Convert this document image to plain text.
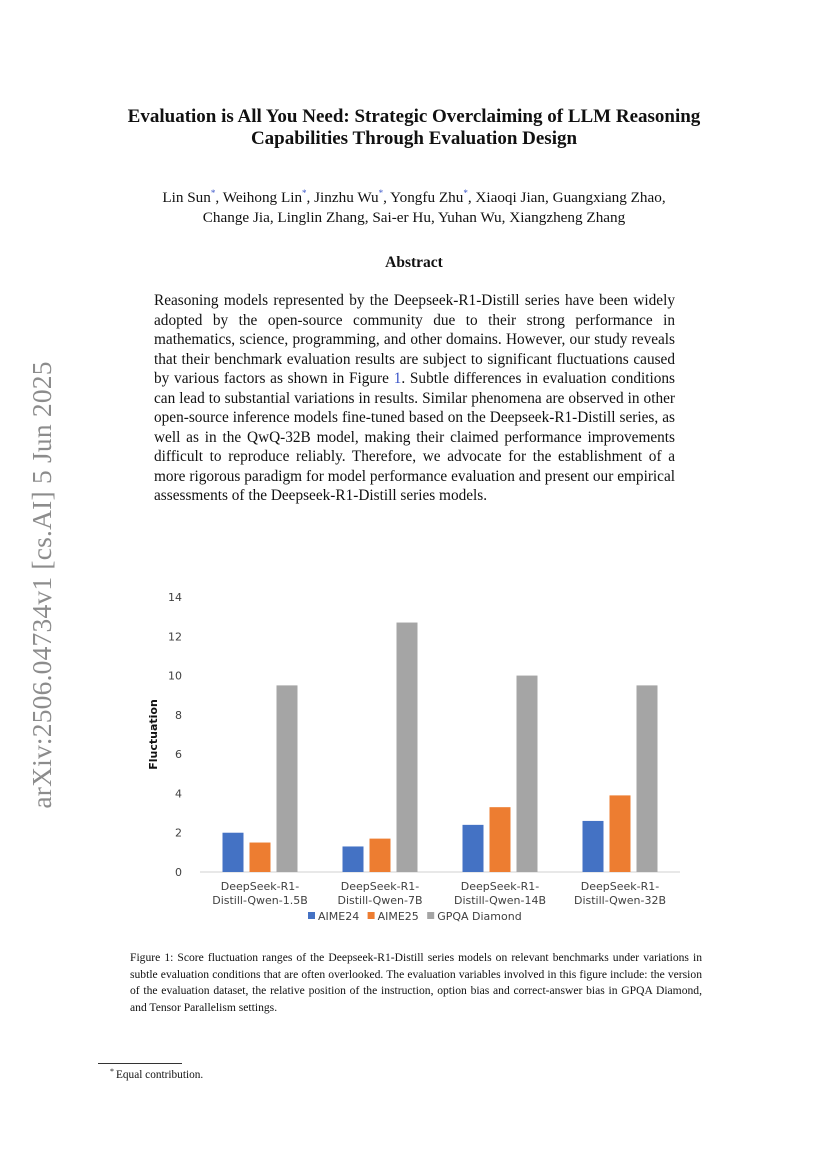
arXiv:2506.04734v1 [cs.AI] 5 Jun 2025
Evaluation is All You Need: Strategic Overclaiming of LLM Reasoning
Capabilities Through Evaluation Design
Lin Sun*, Weihong Lin*, Jinzhu Wu*, Yongfu Zhu*, Xiaoqi Jian, Guangxiang Zhao,
Change Jia, Linglin Zhang, Sai-er Hu, Yuhan Wu, Xiangzheng Zhang
Abstract
Reasoning models represented by the Deepseek-R1-Distill series have been widely adopted by the open-source community due to their strong performance in mathematics, science, programming, and other domains. However, our study reveals that their benchmark evaluation results are subject to significant fluctuations caused by various factors as shown in Figure 1. Subtle differences in evaluation conditions can lead to substantial variations in results. Similar phenomena are observed in other open-source inference models fine-tuned based on the Deepseek-R1-Distill series, as well as in the QwQ-32B model, making their claimed performance improvements difficult to reproduce reliably. Therefore, we advocate for the establishment of a more rigorous paradigm for model performance evaluation and present our empirical assessments of the Deepseek-R1-Distill series models.
0
2
4
6
8
10
12
14
Fluctuation
DeepSeek-R1-
Distill-Qwen-1.5B
DeepSeek-R1-
Distill-Qwen-7B
DeepSeek-R1-
Distill-Qwen-14B
DeepSeek-R1-
Distill-Qwen-32B
AIME24 AIME25 GPQA Diamond
Figure 1: Score fluctuation ranges of the Deepseek-R1-Distill series models on relevant benchmarks under variations in subtle evaluation conditions that are often overlooked. The evaluation variables involved in this figure include: the version of the evaluation dataset, the relative position of the instruction, option bias and correct-answer bias in GPQA Diamond, and Tensor Parallelism settings.
* Equal contribution.
